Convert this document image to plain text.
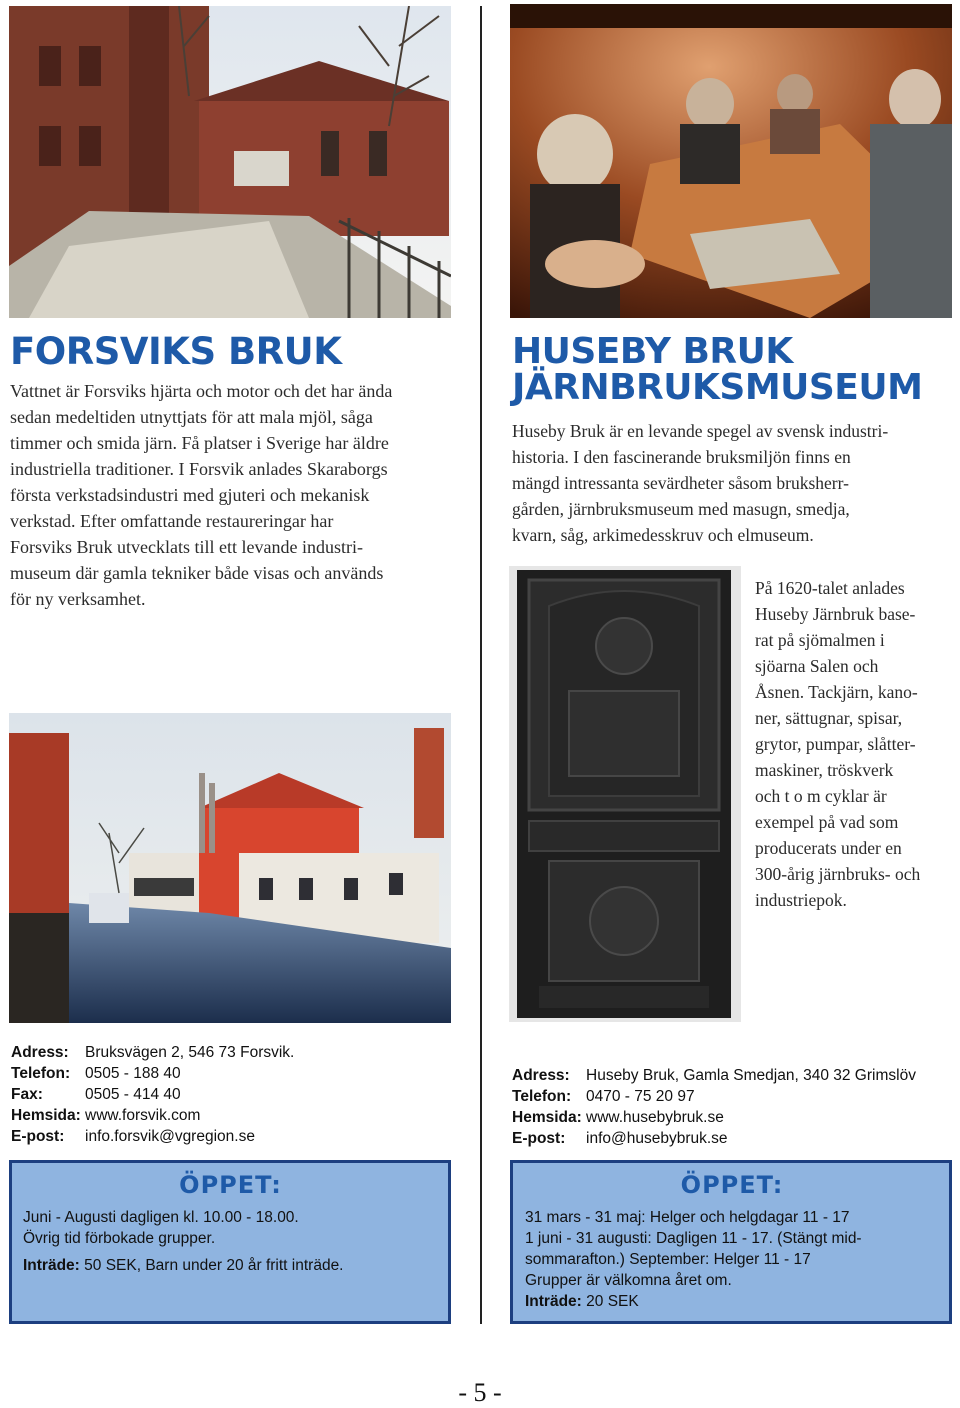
FORSVIKS BRUK
Vattnet är Forsviks hjärta och motor och det har ända
sedan medeltiden utnyttjats för att mala mjöl, såga
timmer och smida järn. Få platser i Sverige har äldre
industriella traditioner. I Forsvik anlades Skaraborgs
första verkstadsindustri med gjuteri och mekanisk
verkstad. Efter omfattande restaureringar har
Forsviks Bruk utvecklats till ett levande industri-
museum där gamla tekniker både visas och används
för ny verksamhet.
HUSEBY BRUK
JÄRNBRUKSMUSEUM
Huseby Bruk är en levande spegel av svensk industri-
historia. I den fascinerande bruksmiljön finns en
mängd intressanta sevärdheter såsom bruksherr-
gården, järnbruksmuseum med masugn, smedja,
kvarn, såg, arkimedesskruv och elmuseum.
På 1620-talet anlades
Huseby Järnbruk base-
rat på sjömalmen i
sjöarna Salen och
Åsnen. Tackjärn, kano-
ner, sättugnar, spisar,
grytor, pumpar, slåtter-
maskiner, tröskverk
och t o m cyklar är
exempel på vad som
producerats under en
300-årig järnbruks- och
industriepok.
Adress:	Bruksvägen 2, 546 73 Forsvik.
Telefon: 0505 - 188 40
Fax:	0505 - 414 40
Hemsida: www.forsvik.com
E-post:	info.forsvik@vgregion.se
Adress:	Huseby Bruk, Gamla Smedjan, 340 32 Grimslöv
Telefon: 0470 - 75 20 97
Hemsida: www.husebybruk.se
E-post:	info@husebybruk.se
ÖPPET:
Juni - Augusti dagligen kl. 10.00 - 18.00.
Övrig tid förbokade grupper.
Inträde: 50 SEK, Barn under 20 år fritt inträde.
ÖPPET:
31 mars - 31 maj: Helger och helgdagar 11 - 17
1 juni - 31 augusti: Dagligen 11 - 17. (Stängt mid-
sommarafton.) September: Helger 11 - 17
Grupper är välkomna året om.
Inträde: 20 SEK
- 5 -
